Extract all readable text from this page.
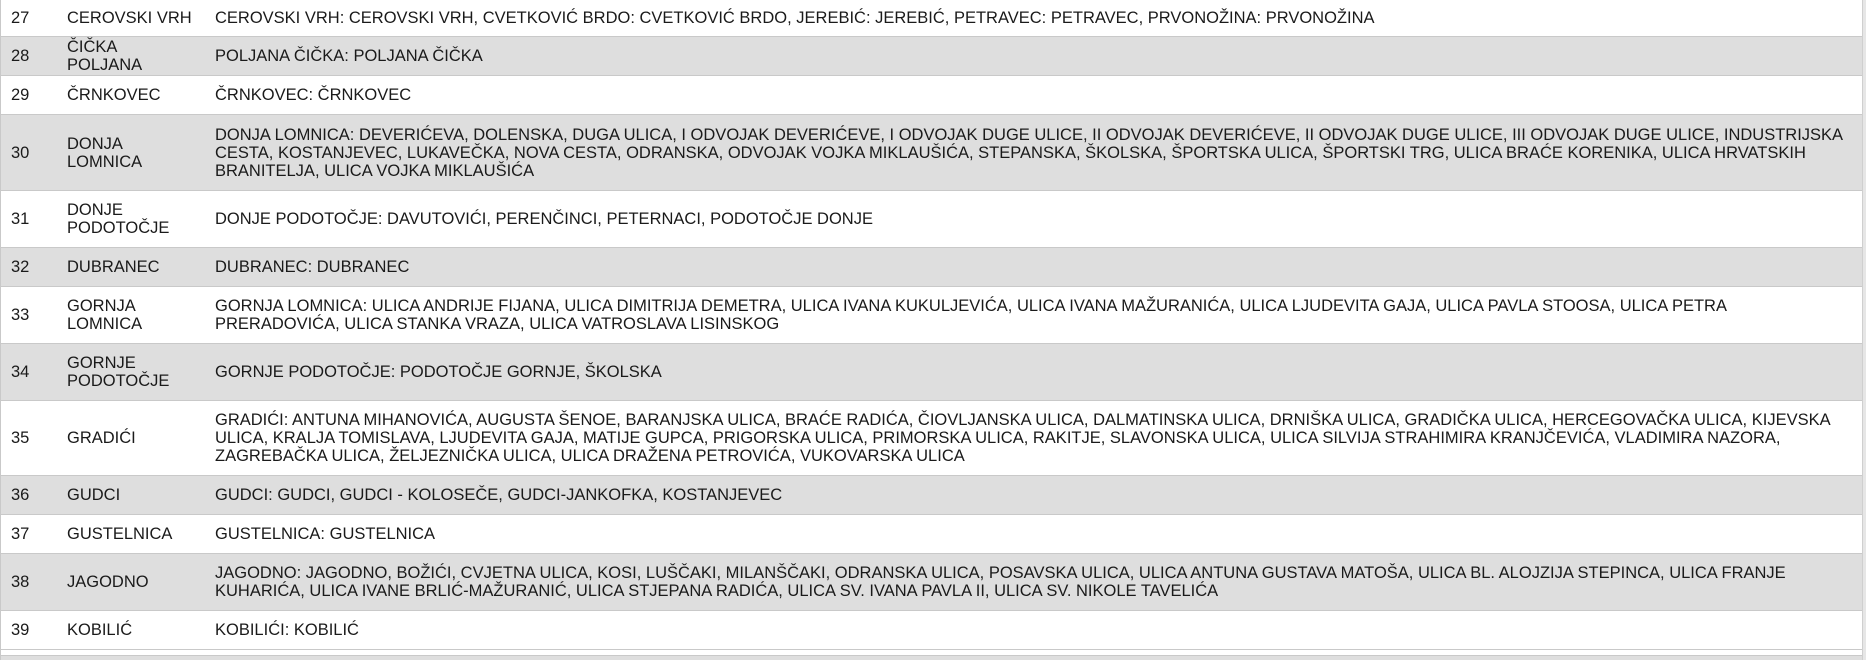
27	CEROVSKI VRH	CEROVSKI VRH: CEROVSKI VRH, CVETKOVIĆ BRDO: CVETKOVIĆ BRDO, JEREBIĆ: JEREBIĆ, PETRAVEC: PETRAVEC, PRVONOŽINA: PRVONOŽINA
28	ČIČKA POLJANA	POLJANA ČIČKA: POLJANA ČIČKA
29	ČRNKOVEC	ČRNKOVEC: ČRNKOVEC
30	DONJA LOMNICA	DONJA LOMNICA: DEVERIĆEVA, DOLENSKA, DUGA ULICA, I ODVOJAK DEVERIĆEVE, I ODVOJAK DUGE ULICE, II ODVOJAK DEVERIĆEVE, II ODVOJAK DUGE ULICE, III ODVOJAK DUGE ULICE, INDUSTRIJSKA CESTA, KOSTANJEVEC, LUKAVEČKA, NOVA CESTA, ODRANSKA, ODVOJAK VOJKA MIKLAUŠIĆA, STEPANSKA, ŠKOLSKA, ŠPORTSKA ULICA, ŠPORTSKI TRG, ULICA BRAĆE KORENIKA, ULICA HRVATSKIH BRANITELJA, ULICA VOJKA MIKLAUŠIĆA
31	DONJE PODOTOČJE	DONJE PODOTOČJE: DAVUTOVIĆI, PERENČINCI, PETERNACI, PODOTOČJE DONJE
32	DUBRANEC	DUBRANEC: DUBRANEC
33	GORNJA LOMNICA	GORNJA LOMNICA: ULICA ANDRIJE FIJANA, ULICA DIMITRIJA DEMETRA, ULICA IVANA KUKULJEVIĆA, ULICA IVANA MAŽURANIĆA, ULICA LJUDEVITA GAJA, ULICA PAVLA STOOSA, ULICA PETRA PRERADOVIĆA, ULICA STANKA VRAZA, ULICA VATROSLAVA LISINSKOG
34	GORNJE PODOTOČJE	GORNJE PODOTOČJE: PODOTOČJE GORNJE, ŠKOLSKA
35	GRADIĆI	GRADIĆI: ANTUNA MIHANOVIĆA, AUGUSTA ŠENOE, BARANJSKA ULICA, BRAĆE RADIĆA, ČIOVLJANSKA ULICA, DALMATINSKA ULICA, DRNIŠKA ULICA, GRADIČKA ULICA, HERCEGOVAČKA ULICA, KIJEVSKA ULICA, KRALJA TOMISLAVA, LJUDEVITA GAJA, MATIJE GUPCA, PRIGORSKA ULICA, PRIMORSKA ULICA, RAKITJE, SLAVONSKA ULICA, ULICA SILVIJA STRAHIMIRA KRANJČEVIĆA, VLADIMIRA NAZORA, ZAGREBAČKA ULICA, ŽELJEZNIČKA ULICA, ULICA DRAŽENA PETROVIĆA, VUKOVARSKA ULICA
36	GUDCI	GUDCI: GUDCI, GUDCI - KOLOSEČE, GUDCI-JANKOFKA, KOSTANJEVEC
37	GUSTELNICA	GUSTELNICA: GUSTELNICA
38	JAGODNO	JAGODNO: JAGODNO, BOŽIĆI, CVJETNA ULICA, KOSI, LUŠČAKI, MILANŠČAKI, ODRANSKA ULICA, POSAVSKA ULICA, ULICA ANTUNA GUSTAVA MATOŠA, ULICA BL. ALOJZIJA STEPINCA, ULICA FRANJE KUHARIĆA, ULICA IVANE BRLIĆ-MAŽURANIĆ, ULICA STJEPANA RADIĆA, ULICA SV. IVANA PAVLA II, ULICA SV. NIKOLE TAVELIĆA
39	KOBILIĆ	KOBILIĆI: KOBILIĆ
